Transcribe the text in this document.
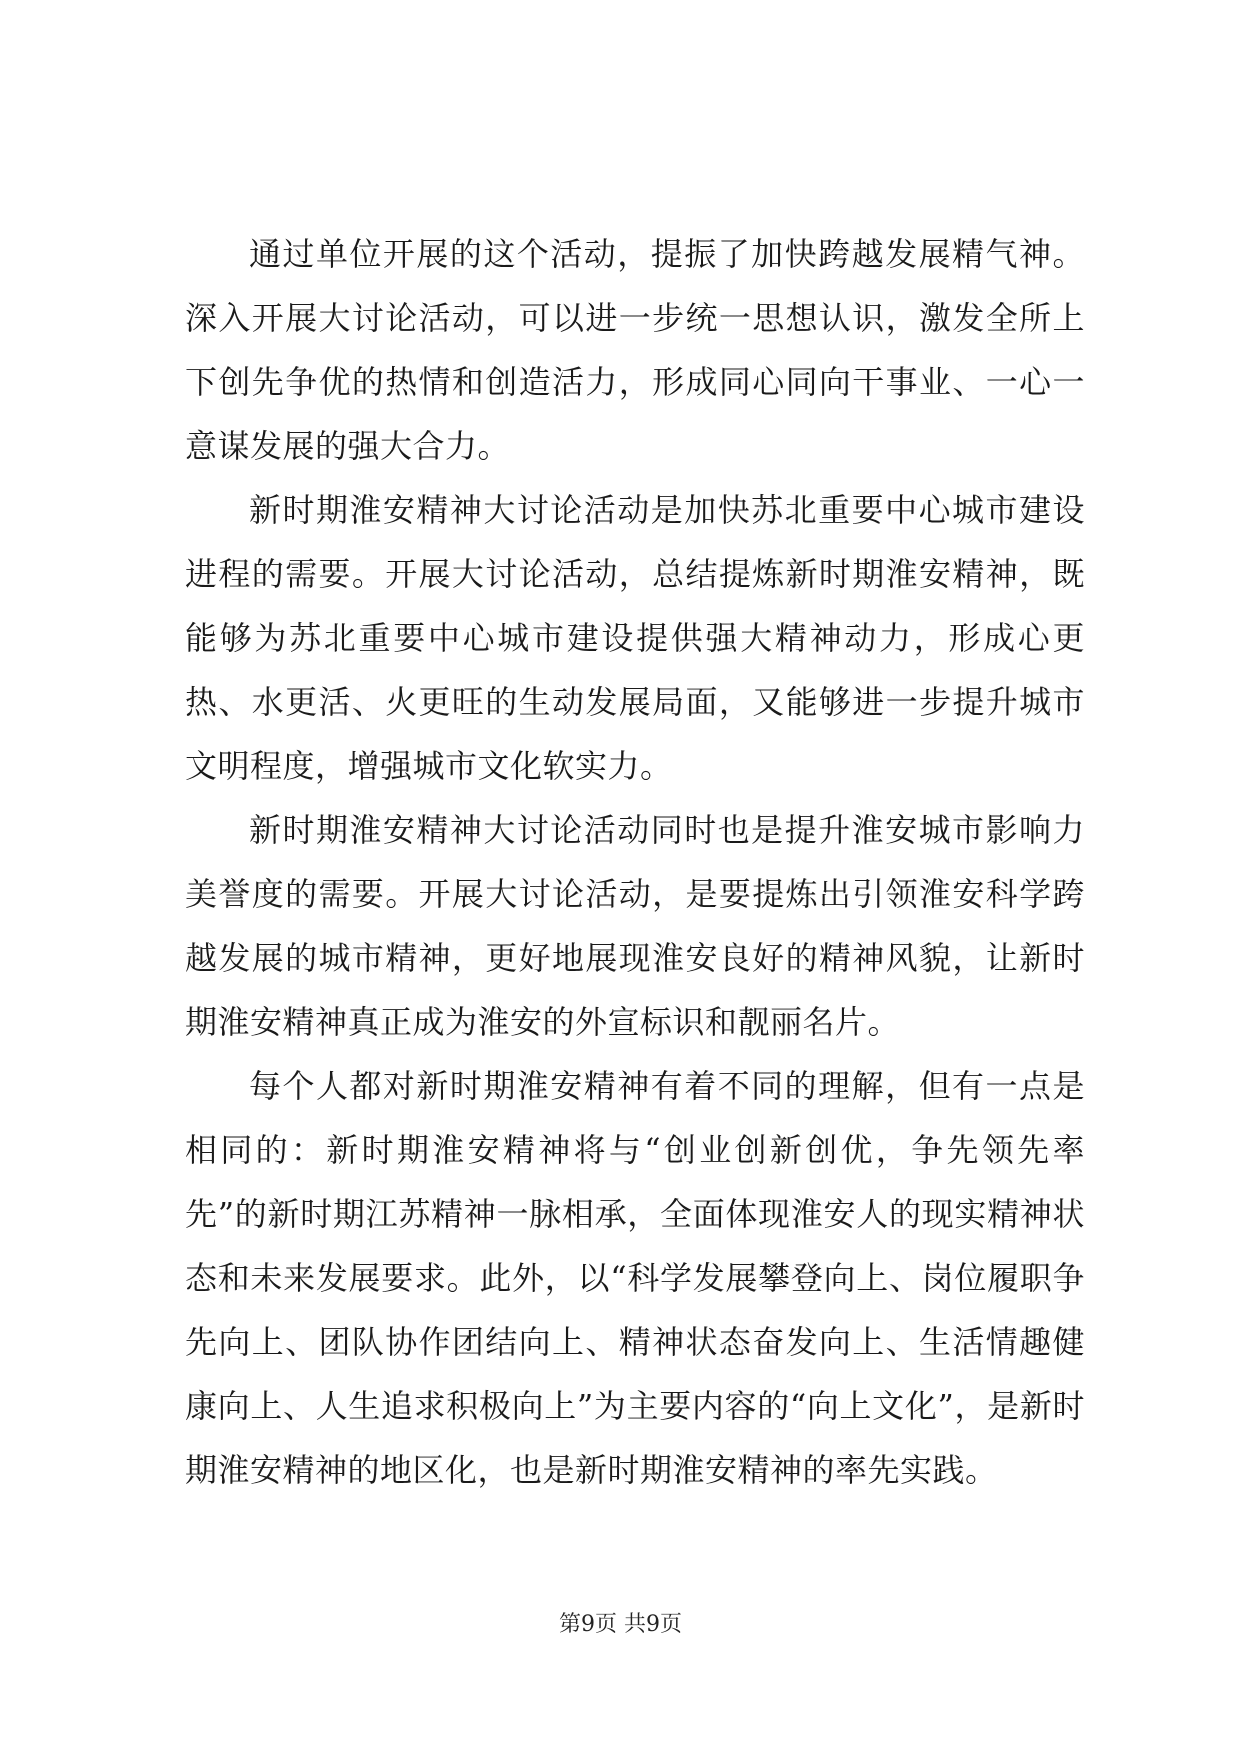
通过单位开展的这个活动，提振了加快跨越发展精气神。深入开展大讨论活动，可以进一步统一思想认识，激发全所上下创先争优的热情和创造活力，形成同心同向干事业、一心一意谋发展的强大合力。

新时期淮安精神大讨论活动是加快苏北重要中心城市建设进程的需要。开展大讨论活动，总结提炼新时期淮安精神，既能够为苏北重要中心城市建设提供强大精神动力，形成心更热、水更活、火更旺的生动发展局面，又能够进一步提升城市文明程度，增强城市文化软实力。

新时期淮安精神大讨论活动同时也是提升淮安城市影响力美誉度的需要。开展大讨论活动，是要提炼出引领淮安科学跨越发展的城市精神，更好地展现淮安良好的精神风貌，让新时期淮安精神真正成为淮安的外宣标识和靓丽名片。

每个人都对新时期淮安精神有着不同的理解，但有一点是相同的：新时期淮安精神将与“创业创新创优，争先领先率先”的新时期江苏精神一脉相承，全面体现淮安人的现实精神状态和未来发展要求。此外，以“科学发展攀登向上、岗位履职争先向上、团队协作团结向上、精神状态奋发向上、生活情趣健康向上、人生追求积极向上”为主要内容的“向上文化”，是新时期淮安精神的地区化，也是新时期淮安精神的率先实践。

第9页 共9页
